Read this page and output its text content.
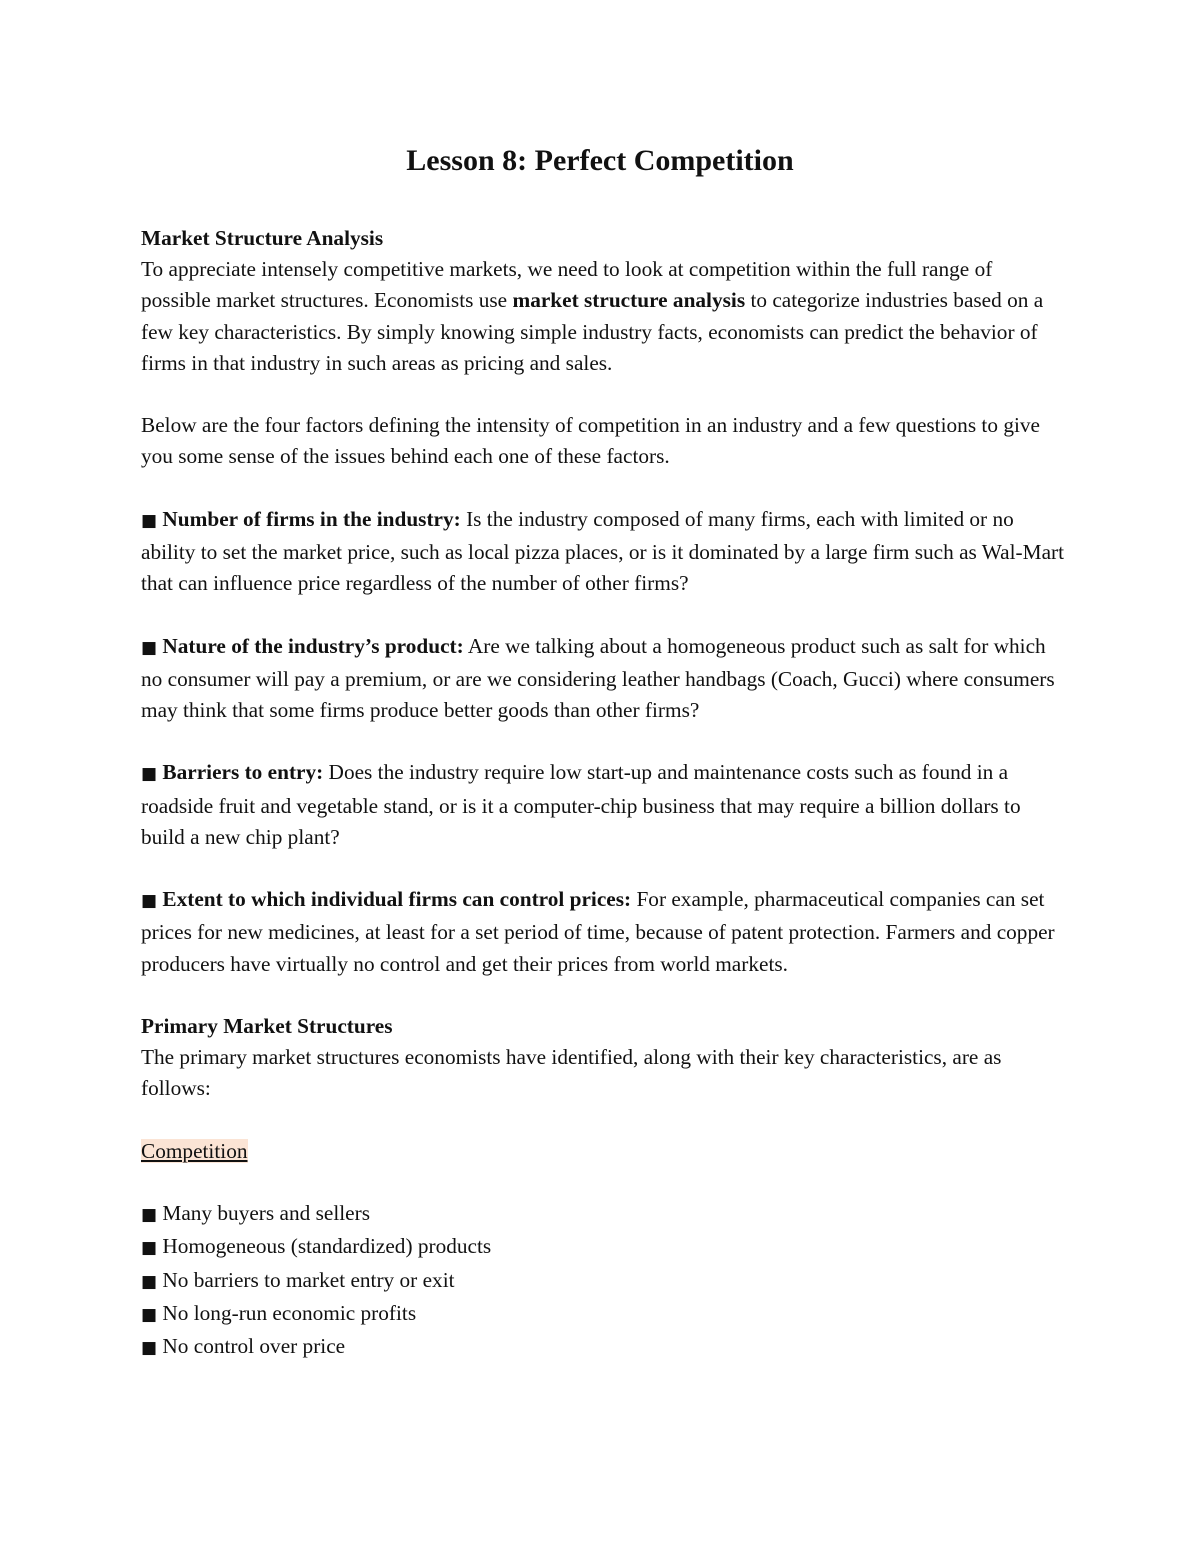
Lesson 8: Perfect Competition

Market Structure Analysis
To appreciate intensely competitive markets, we need to look at competition within the full range of possible market structures. Economists use market structure analysis to categorize industries based on a few key characteristics. By simply knowing simple industry facts, economists can predict the behavior of firms in that industry in such areas as pricing and sales.

Below are the four factors defining the intensity of competition in an industry and a few questions to give you some sense of the issues behind each one of these factors.

■ Number of firms in the industry: Is the industry composed of many firms, each with limited or no ability to set the market price, such as local pizza places, or is it dominated by a large firm such as Wal-Mart that can influence price regardless of the number of other firms?

■ Nature of the industry’s product: Are we talking about a homogeneous product such as salt for which no consumer will pay a premium, or are we considering leather handbags (Coach, Gucci) where consumers may think that some firms produce better goods than other firms?

■ Barriers to entry: Does the industry require low start-up and maintenance costs such as found in a roadside fruit and vegetable stand, or is it a computer-chip business that may require a billion dollars to build a new chip plant?

■ Extent to which individual firms can control prices: For example, pharmaceutical companies can set prices for new medicines, at least for a set period of time, because of patent protection. Farmers and copper producers have virtually no control and get their prices from world markets.

Primary Market Structures
The primary market structures economists have identified, along with their key characteristics, are as follows:

Competition

■ Many buyers and sellers
■ Homogeneous (standardized) products
■ No barriers to market entry or exit
■ No long-run economic profits
■ No control over price
